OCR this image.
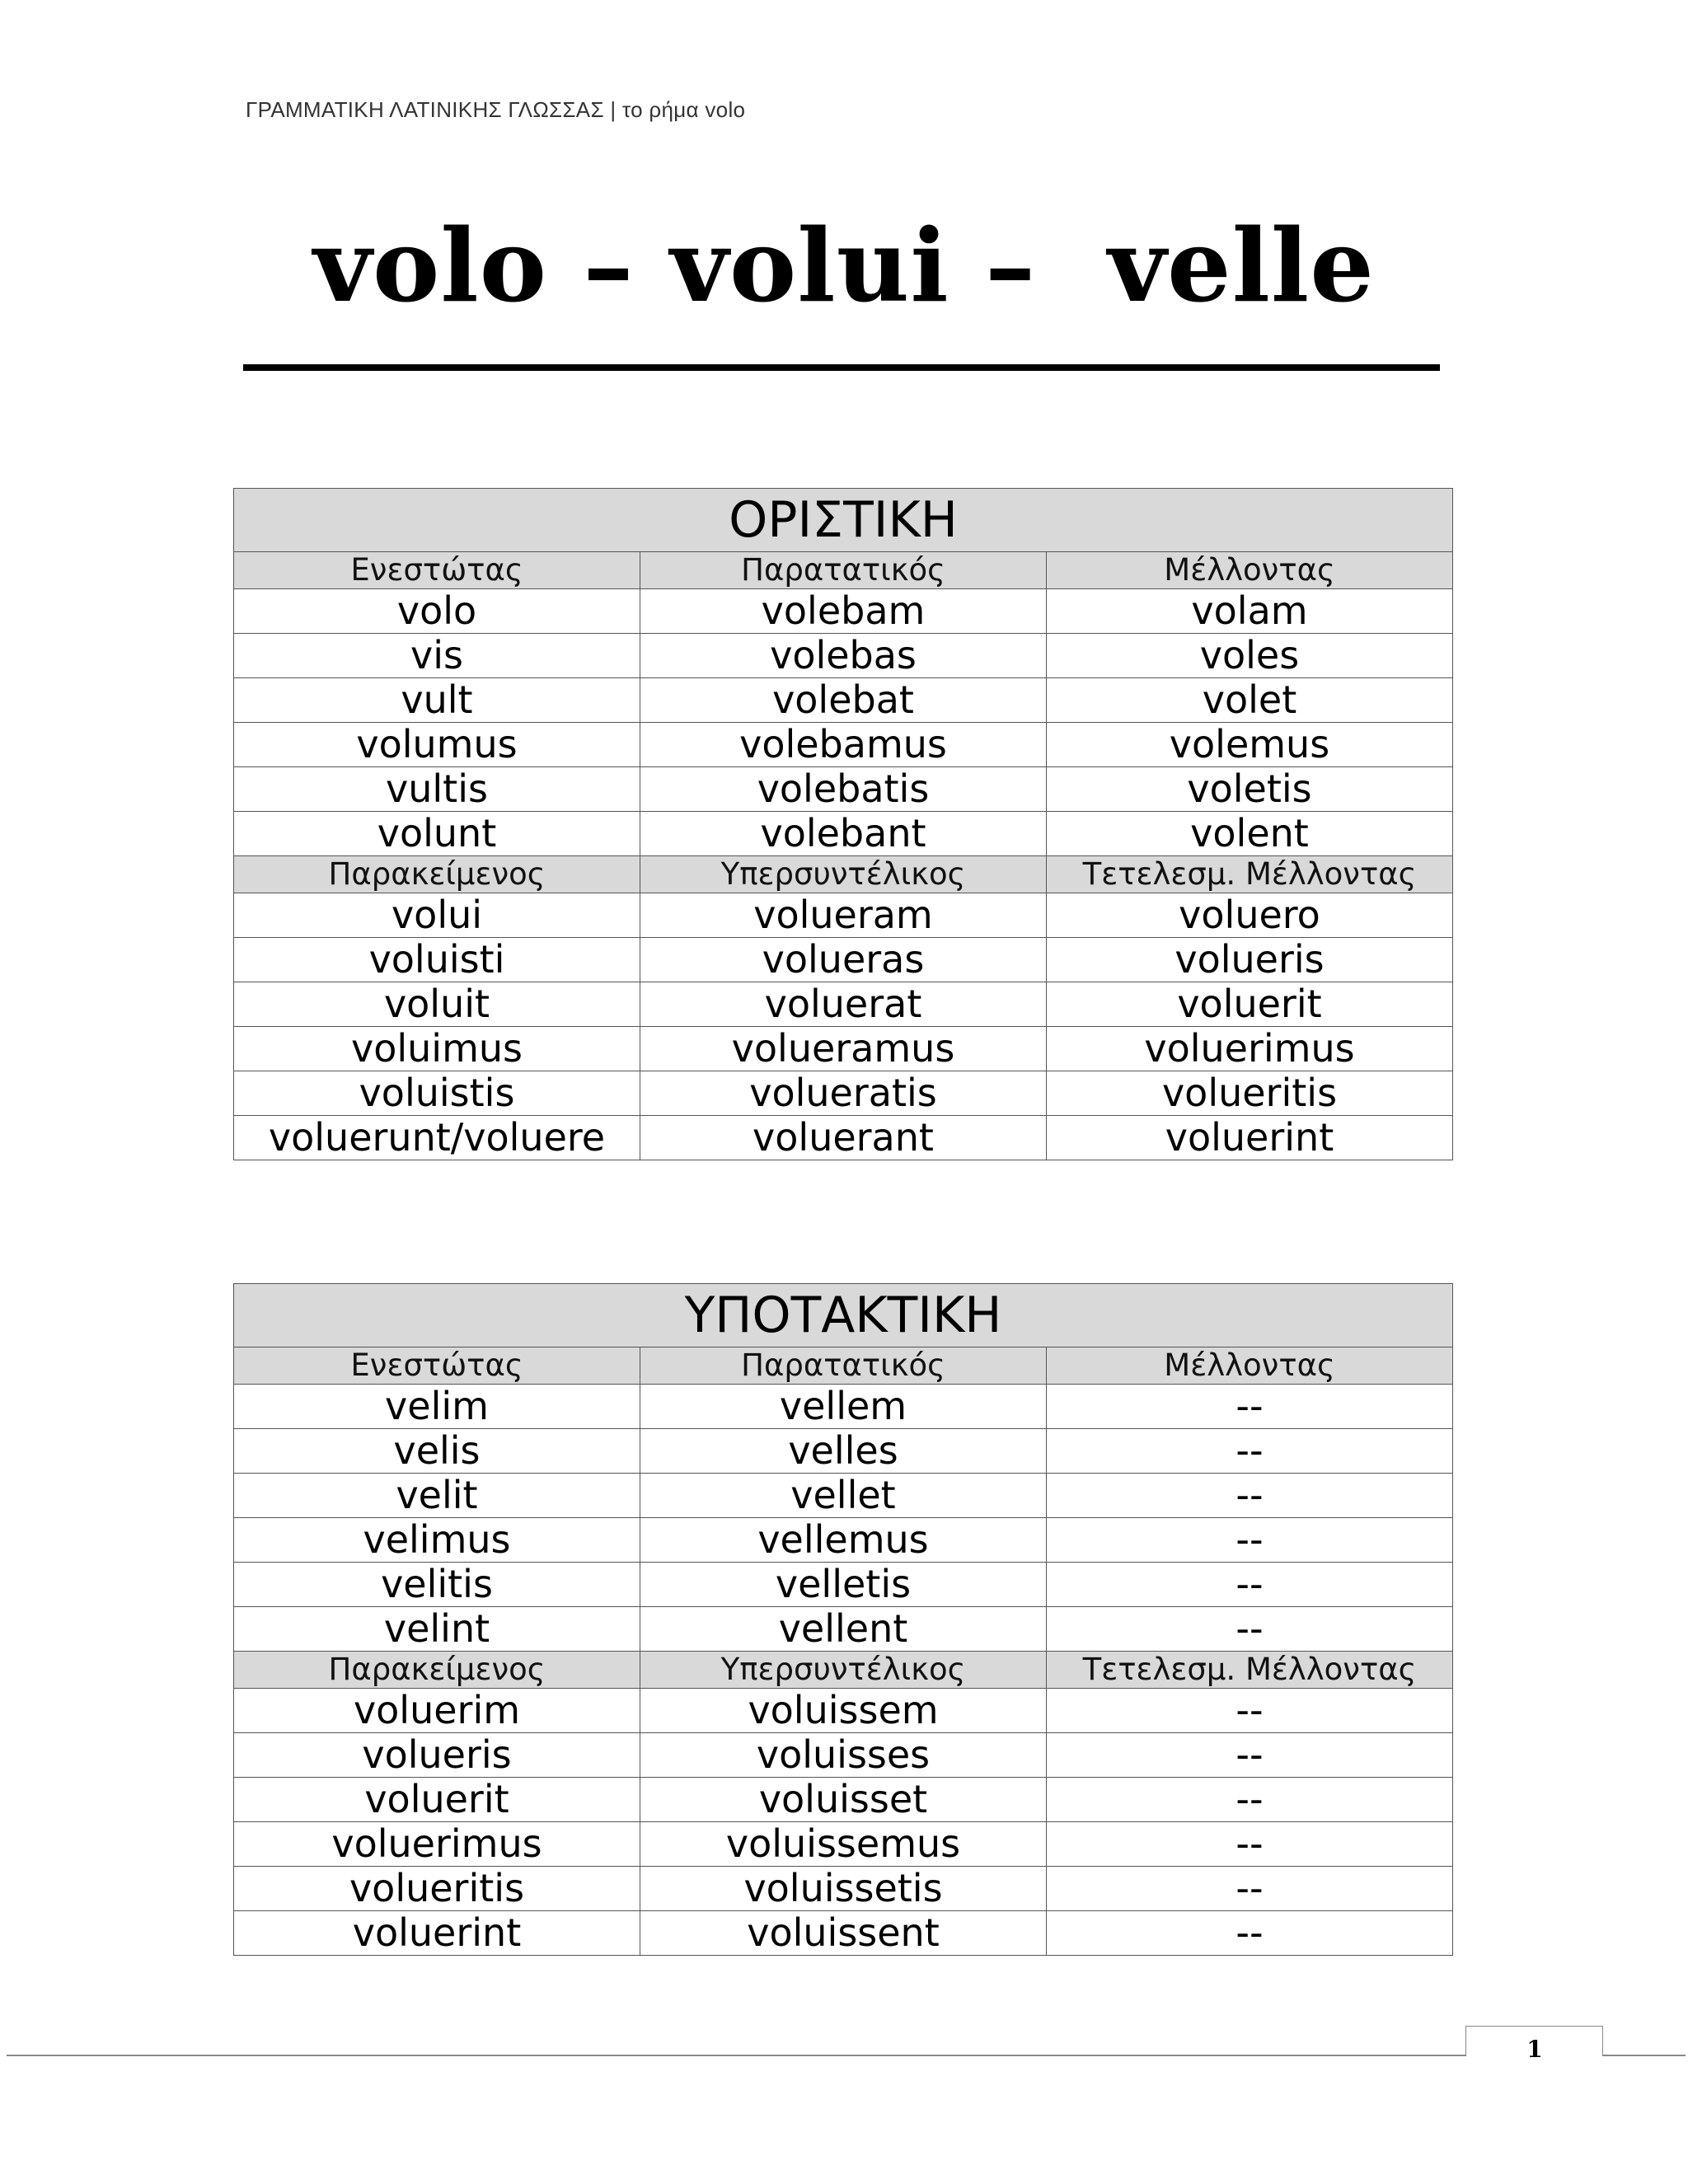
ΓΡΑΜΜΑΤΙΚΗ ΛΑΤΙΝΙΚΗΣ ΓΛΩΣΣΑΣ | το ρήμα volo
volo – volui –  velle
ΟΡΙΣΤΙΚΗ		
Ενεστώτας	Παρατατικός	Μέλλοντας
volo	volebam	volam
vis	volebas	voles
vult	volebat	volet
volumus	volebamus	volemus
vultis	volebatis	voletis
volunt	volebant	volent
Παρακείμενος	Υπερσυντέλικος	Τετελεσμ. Μέλλοντας
volui	volueram	voluero
voluisti	volueras	volueris
voluit	voluerat	voluerit
voluimus	volueramus	voluerimus
voluistis	volueratis	volueritis
voluerunt/voluere	voluerant	voluerint
ΥΠΟΤΑΚΤΙΚΗ		
Ενεστώτας	Παρατατικός	Μέλλοντας
velim	vellem	--
velis	velles	--
velit	vellet	--
velimus	vellemus	--
velitis	velletis	--
velint	vellent	--
Παρακείμενος	Υπερσυντέλικος	Τετελεσμ. Μέλλοντας
voluerim	voluissem	--
volueris	voluisses	--
voluerit	voluisset	--
voluerimus	voluissemus	--
volueritis	voluissetis	--
voluerint	voluissent	--
1
